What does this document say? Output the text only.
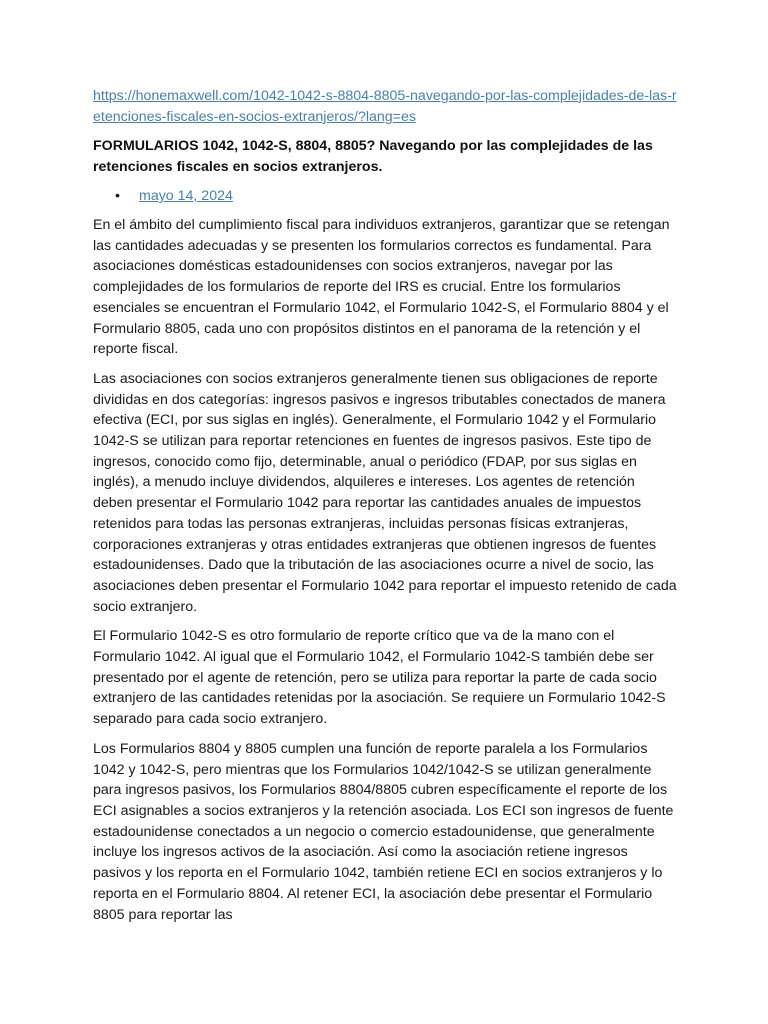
https://honemaxwell.com/1042-1042-s-8804-8805-navegando-por-las-complejidades-de-las-retenciones-fiscales-en-socios-extranjeros/?lang=es

FORMULARIOS 1042, 1042-S, 8804, 8805? Navegando por las complejidades de las retenciones fiscales en socios extranjeros.

• mayo 14, 2024

En el ámbito del cumplimiento fiscal para individuos extranjeros, garantizar que se retengan las cantidades adecuadas y se presenten los formularios correctos es fundamental. Para asociaciones domésticas estadounidenses con socios extranjeros, navegar por las complejidades de los formularios de reporte del IRS es crucial. Entre los formularios esenciales se encuentran el Formulario 1042, el Formulario 1042-S, el Formulario 8804 y el Formulario 8805, cada uno con propósitos distintos en el panorama de la retención y el reporte fiscal.

Las asociaciones con socios extranjeros generalmente tienen sus obligaciones de reporte divididas en dos categorías: ingresos pasivos e ingresos tributables conectados de manera efectiva (ECI, por sus siglas en inglés). Generalmente, el Formulario 1042 y el Formulario 1042-S se utilizan para reportar retenciones en fuentes de ingresos pasivos. Este tipo de ingresos, conocido como fijo, determinable, anual o periódico (FDAP, por sus siglas en inglés), a menudo incluye dividendos, alquileres e intereses. Los agentes de retención deben presentar el Formulario 1042 para reportar las cantidades anuales de impuestos retenidos para todas las personas extranjeras, incluidas personas físicas extranjeras, corporaciones extranjeras y otras entidades extranjeras que obtienen ingresos de fuentes estadounidenses. Dado que la tributación de las asociaciones ocurre a nivel de socio, las asociaciones deben presentar el Formulario 1042 para reportar el impuesto retenido de cada socio extranjero.

El Formulario 1042-S es otro formulario de reporte crítico que va de la mano con el Formulario 1042. Al igual que el Formulario 1042, el Formulario 1042-S también debe ser presentado por el agente de retención, pero se utiliza para reportar la parte de cada socio extranjero de las cantidades retenidas por la asociación. Se requiere un Formulario 1042-S separado para cada socio extranjero.

Los Formularios 8804 y 8805 cumplen una función de reporte paralela a los Formularios 1042 y 1042-S, pero mientras que los Formularios 1042/1042-S se utilizan generalmente para ingresos pasivos, los Formularios 8804/8805 cubren específicamente el reporte de los ECI asignables a socios extranjeros y la retención asociada. Los ECI son ingresos de fuente estadounidense conectados a un negocio o comercio estadounidense, que generalmente incluye los ingresos activos de la asociación. Así como la asociación retiene ingresos pasivos y los reporta en el Formulario 1042, también retiene ECI en socios extranjeros y lo reporta en el Formulario 8804. Al retener ECI, la asociación debe presentar el Formulario 8805 para reportar las
